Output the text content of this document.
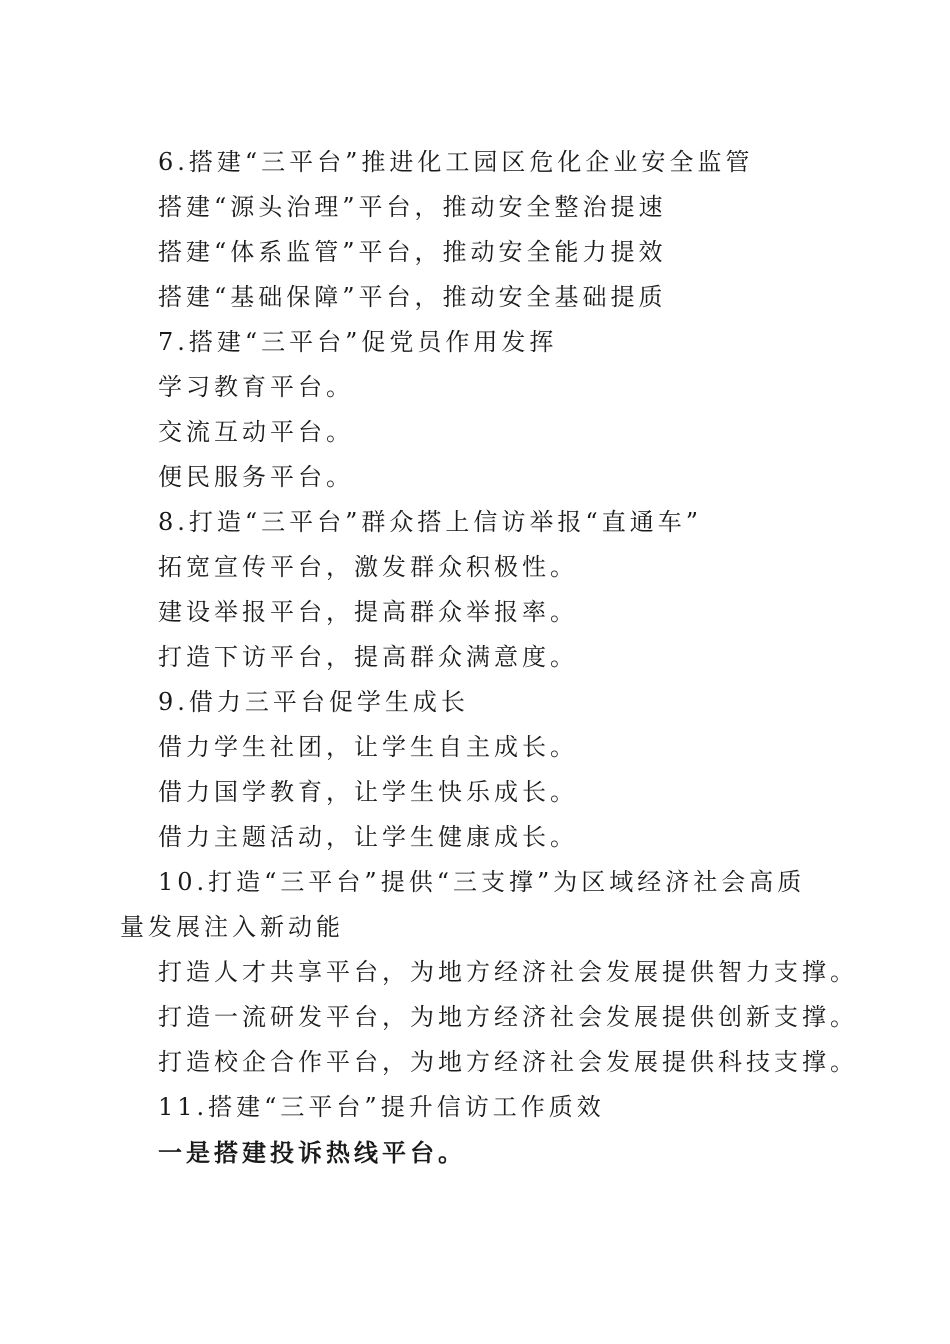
6.搭建“三平台”推进化工园区危化企业安全监管
搭建“源头治理”平台，推动安全整治提速
搭建“体系监管”平台，推动安全能力提效
搭建“基础保障”平台，推动安全基础提质
7.搭建“三平台”促党员作用发挥
学习教育平台。
交流互动平台。
便民服务平台。
8.打造“三平台”群众搭上信访举报“直通车”
拓宽宣传平台，激发群众积极性。
建设举报平台，提高群众举报率。
打造下访平台，提高群众满意度。
9.借力三平台促学生成长
借力学生社团，让学生自主成长。
借力国学教育，让学生快乐成长。
借力主题活动，让学生健康成长。
10.打造“三平台”提供“三支撑”为区域经济社会高质量发展注入新动能
打造人才共享平台，为地方经济社会发展提供智力支撑。
打造一流研发平台，为地方经济社会发展提供创新支撑。
打造校企合作平台，为地方经济社会发展提供科技支撑。
11.搭建“三平台”提升信访工作质效
一是搭建投诉热线平台。
